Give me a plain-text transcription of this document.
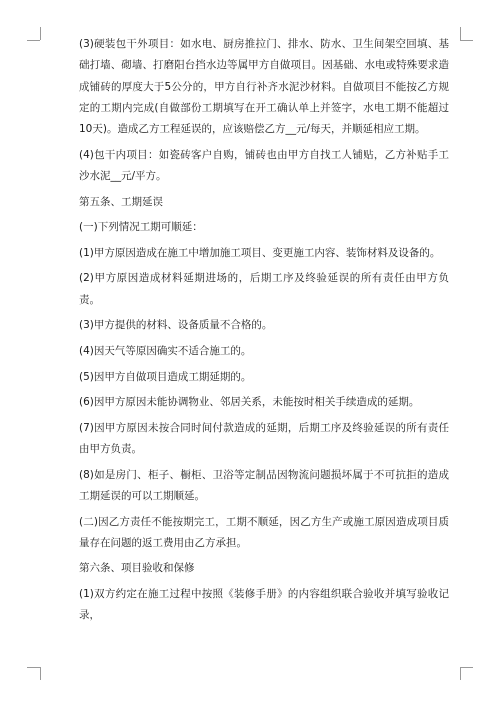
(3)硬装包干外项目：如水电、厨房推拉门、排水、防水、卫生间架空回填、基础打墙、砌墙、打磨阳台挡水边等属甲方自做项目。因基础、水电或特殊要求造成铺砖的厚度大于5公分的，甲方自行补齐水泥沙材料。自做项目不能按乙方规定的工期内完成(自做部份工期填写在开工确认单上并签字，水电工期不能超过10天)。造成乙方工程延误的，应该赔偿乙方__元/每天，并顺延相应工期。

(4)包干内项目：如瓷砖客户自购，铺砖也由甲方自找工人铺贴，乙方补贴手工沙水泥__元/平方。

第五条、工期延误

(一)下列情况工期可顺延：

(1)甲方原因造成在施工中增加施工项目、变更施工内容、装饰材料及设备的。

(2)甲方原因造成材料延期进场的，后期工序及终验延误的所有责任由甲方负责。

(3)甲方提供的材料、设备质量不合格的。

(4)因天气等原因确实不适合施工的。

(5)因甲方自做项目造成工期延期的。

(6)因甲方原因未能协调物业、邻居关系，未能按时相关手续造成的延期。

(7)因甲方原因未按合同时间付款造成的延期，后期工序及终验延误的所有责任由甲方负责。

(8)如是房门、柜子、橱柜、卫浴等定制品因物流问题损坏属于不可抗拒的造成工期延误的可以工期顺延。

(二)因乙方责任不能按期完工，工期不顺延，因乙方生产或施工原因造成项目质量存在问题的返工费用由乙方承担。

第六条、项目验收和保修

(1)双方约定在施工过程中按照《装修手册》的内容组织联合验收并填写验收记录，
